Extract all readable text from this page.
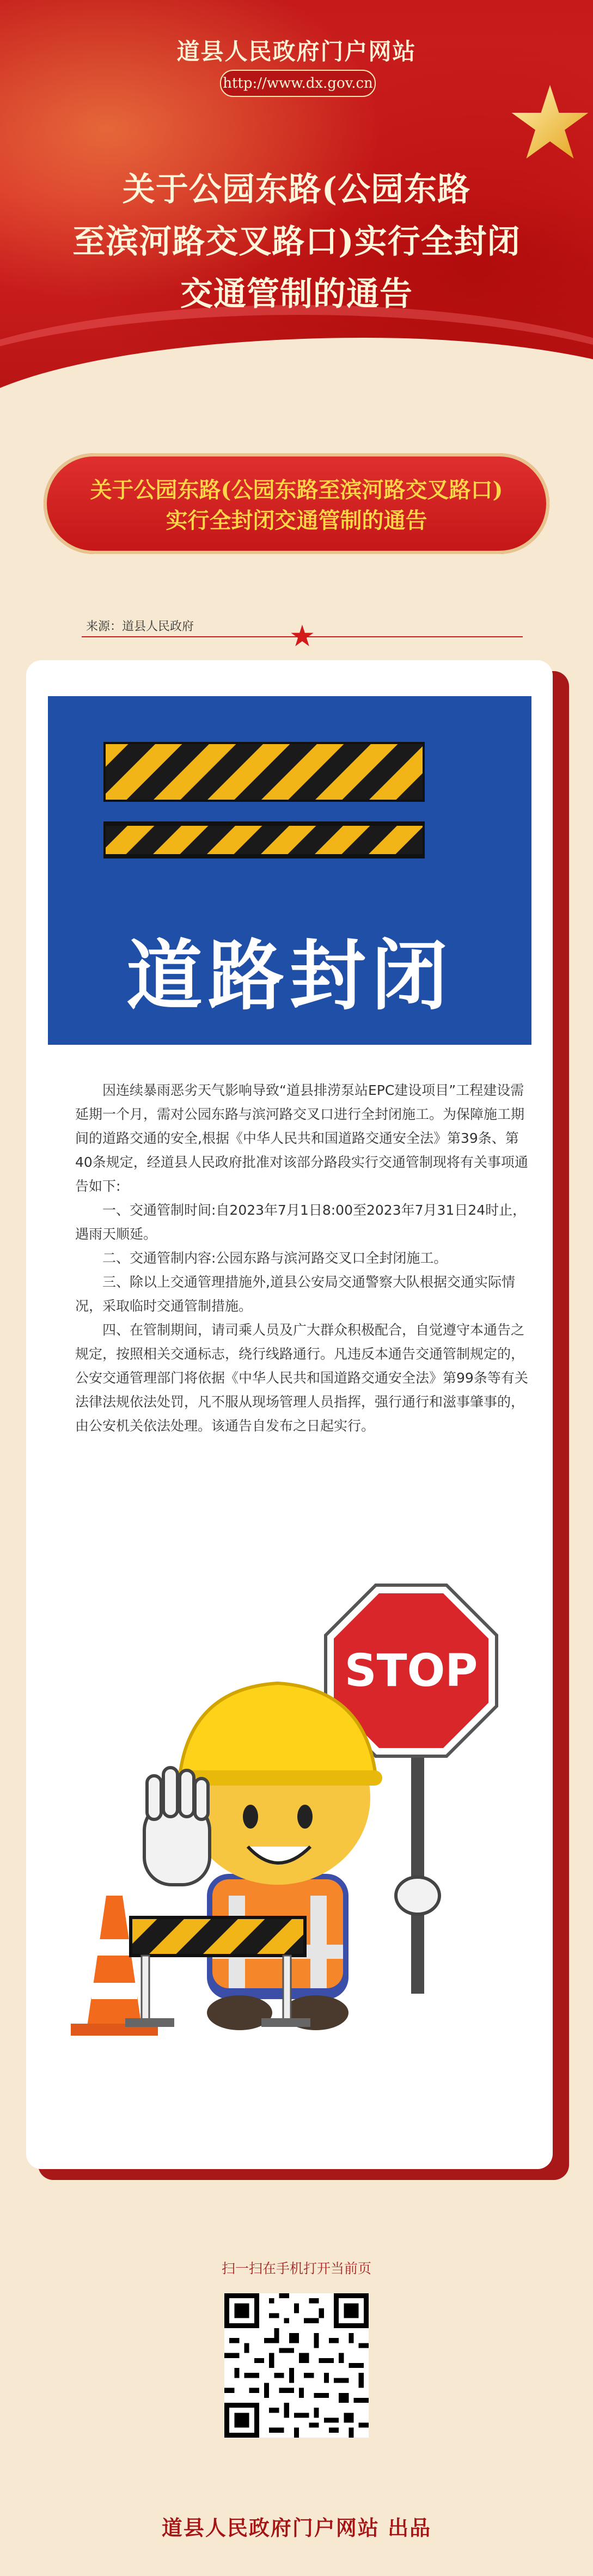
道县人民政府门户网站
http://www.dx.gov.cn
关于公园东路(公园东路
至滨河路交叉路口)实行全封闭
交通管制的通告
关于公园东路(公园东路至滨河路交叉路口)
实行全封闭交通管制的通告
来源：道县人民政府
道路封闭

因连续暴雨恶劣天气影响导致“道县排涝泵站EPC建设项目”工程建设需延期一个月，需对公园东路与滨河路交叉口进行全封闭施工。为保障施工期间的道路交通的安全,根据《中华人民共和国道路交通安全法》第39条、第40条规定，经道县人民政府批准对该部分路段实行交通管制现将有关事项通告如下:

一、交通管制时间:自2023年7月1日8:00至2023年7月31日24时止，遇雨天顺延。

二、交通管制内容:公园东路与滨河路交叉口全封闭施工。

三、除以上交通管理措施外,道县公安局交通警察大队根据交通实际情况，采取临时交通管制措施。

四、在管制期间，请司乘人员及广大群众积极配合，自觉遵守本通告之规定，按照相关交通标志，绕行线路通行。凡违反本通告交通管制规定的，公安交通管理部门将依据《中华人民共和国道路交通安全法》第99条等有关法律法规依法处罚，凡不服从现场管理人员指挥，强行通行和滋事肇事的，由公安机关依法处理。该通告自发布之日起实行。

STOP
扫一扫在手机打开当前页
道县人民政府门户网站 出品
